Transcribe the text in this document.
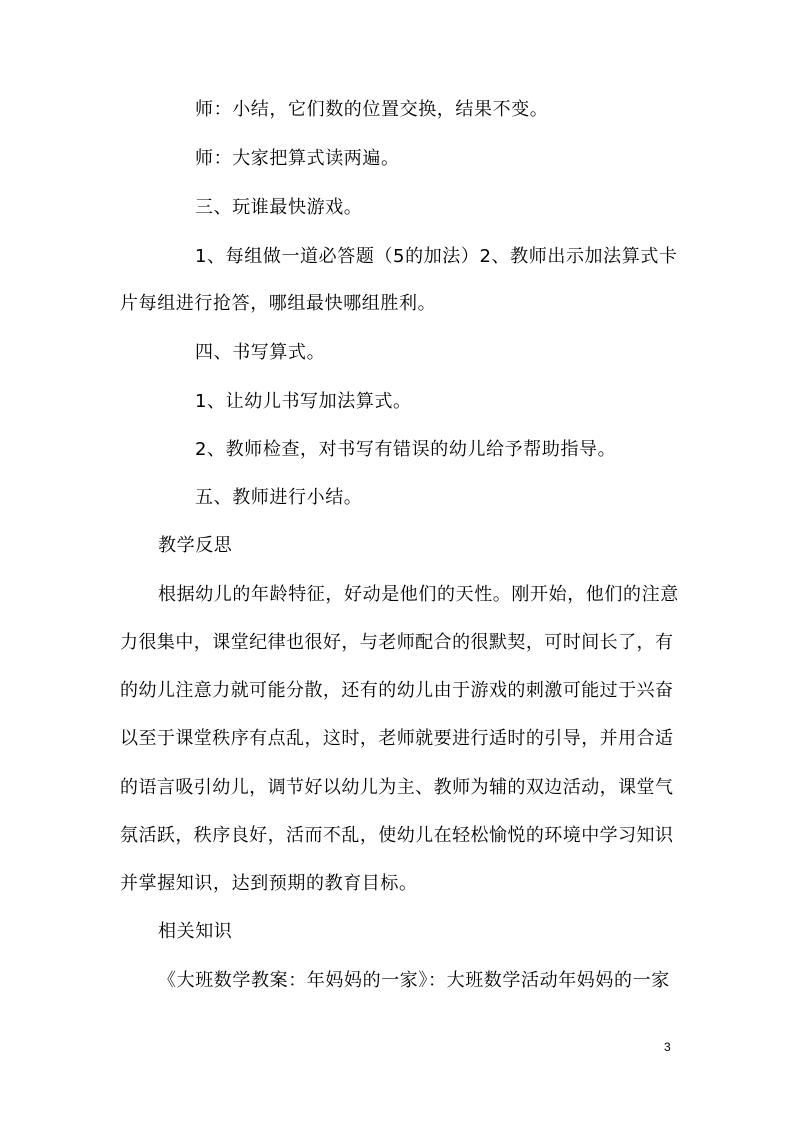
师：小结，它们数的位置交换，结果不变。
师：大家把算式读两遍。
三、玩谁最快游戏。
1、每组做一道必答题（5的加法）2、教师出示加法算式卡
片每组进行抢答，哪组最快哪组胜利。
四、书写算式。
1、让幼儿书写加法算式。
2、教师检查，对书写有错误的幼儿给予帮助指导。
五、教师进行小结。
教学反思
根据幼儿的年龄特征，好动是他们的天性。刚开始，他们的注意
力很集中，课堂纪律也很好，与老师配合的很默契，可时间长了，有
的幼儿注意力就可能分散，还有的幼儿由于游戏的刺激可能过于兴奋
以至于课堂秩序有点乱，这时，老师就要进行适时的引导，并用合适
的语言吸引幼儿，调节好以幼儿为主、教师为辅的双边活动，课堂气
氛活跃，秩序良好，活而不乱，使幼儿在轻松愉悦的环境中学习知识
并掌握知识，达到预期的教育目标。
相关知识
《大班数学教案：年妈妈的一家》：大班数学活动年妈妈的一家
3
